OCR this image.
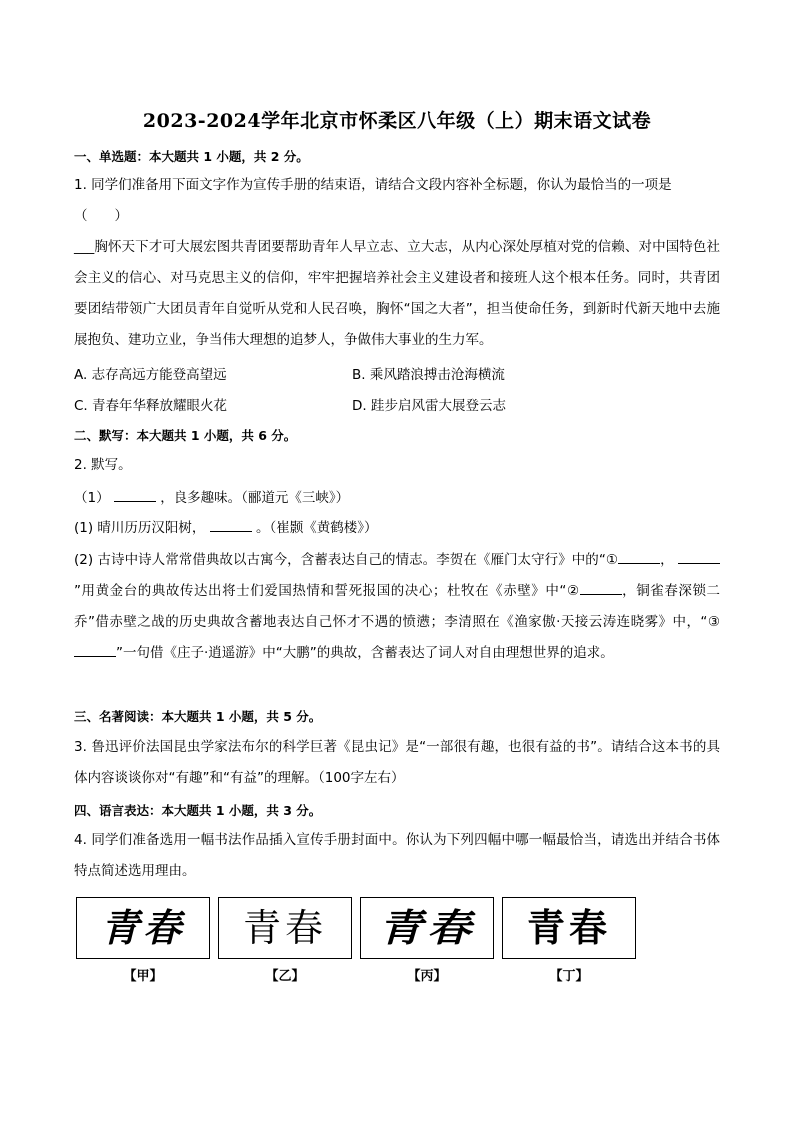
2023-2024学年北京市怀柔区八年级（上）期末语文试卷
一、单选题：本大题共 1 小题，共 2 分。
1. 同学们准备用下面文字作为宣传手册的结束语，请结合文段内容补全标题，你认为最恰当的一项是
（　　）
___胸怀天下才可大展宏图共青团要帮助青年人早立志、立大志，从内心深处厚植对党的信赖、对中国特色社会主义的信心、对马克思主义的信仰，牢牢把握培养社会主义建设者和接班人这个根本任务。同时，共青团要团结带领广大团员青年自觉听从党和人民召唤，胸怀“国之大者”，担当使命任务，到新时代新天地中去施展抱负、建功立业，争当伟大理想的追梦人，争做伟大事业的生力军。
A. 志存高远方能登高望远	B. 乘风踏浪搏击沧海横流
C. 青春年华释放耀眼火花	D. 跬步启风雷大展登云志
二、默写：本大题共 1 小题，共 6 分。
2. 默写。
（1）	，良多趣味。（郦道元《三峡》）
(1) 晴川历历汉阳树，	。（崔颢《黄鹤楼》）
(2) 古诗中诗人常常借典故以古寓今，含蓄表达自己的情志。李贺在《雁门太守行》中的“①	， ”用黄金台的典故传达出将士们爱国热情和誓死报国的决心；杜牧在《赤壁》中“②	，铜雀春深锁二乔”借赤壁之战的历史典故含蓄地表达自己怀才不遇的愤懑；李清照在《渔家傲·天接云涛连晓雾》中，“③”一句借《庄子·逍遥游》中“大鹏”的典故，含蓄表达了词人对自由理想世界的追求。
三、名著阅读：本大题共 1 小题，共 5 分。
3. 鲁迅评价法国昆虫学家法布尔的科学巨著《昆虫记》是“一部很有趣，也很有益的书”。请结合这本书的具体内容谈谈你对“有趣”和“有益”的理解。（100字左右）
四、语言表达：本大题共 1 小题，共 3 分。
4. 同学们准备选用一幅书法作品插入宣传手册封面中。你认为下列四幅中哪一幅最恰当，请选出并结合书体特点简述选用理由。
青春
【甲】
青春
【乙】
青春
【丙】
青春
【丁】
